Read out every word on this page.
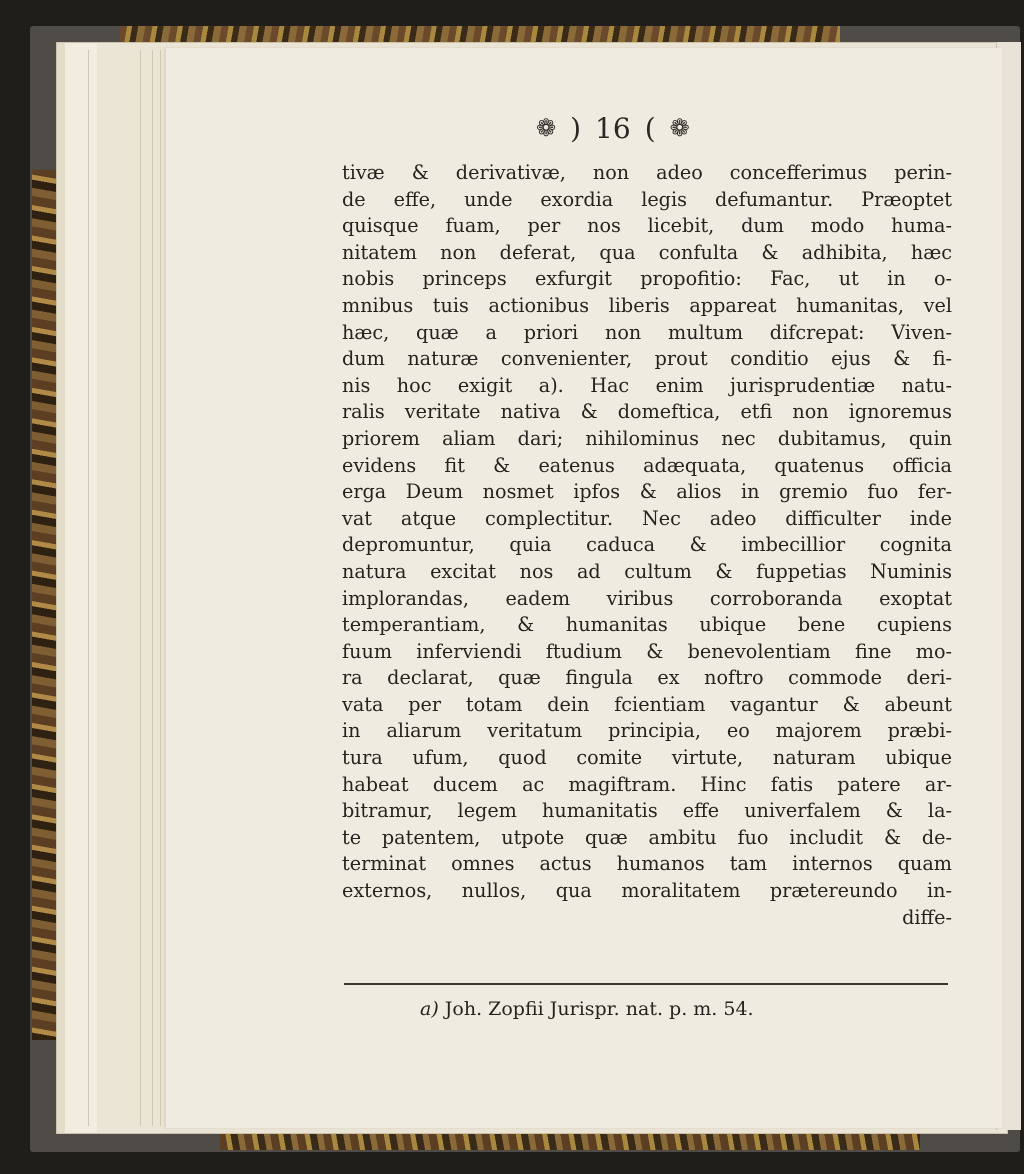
❁ ) 16 ( ❁
tivæ & derivativæ, non adeo concefferimus perin-
de effe, unde exordia legis defumantur. Præoptet
quisque fuam, per nos licebit, dum modo huma-
nitatem non deferat, qua confulta & adhibita, hæc
nobis princeps exfurgit propofitio: Fac, ut in o-
mnibus tuis actionibus liberis appareat humanitas, vel
hæc, quæ a priori non multum difcrepat: Viven-
dum naturæ convenienter, prout conditio ejus & fi-
nis hoc exigit a). Hac enim jurisprudentiæ natu-
ralis veritate nativa & domeftica, etfi non ignoremus
priorem aliam dari; nihilominus nec dubitamus, quin
evidens fit & eatenus adæquata, quatenus officia
erga Deum nosmet ipfos & alios in gremio fuo fer-
vat atque complectitur. Nec adeo difficulter inde
depromuntur, quia caduca & imbecillior cognita
natura excitat nos ad cultum & fuppetias Numinis
implorandas, eadem viribus corroboranda exoptat
temperantiam, & humanitas ubique bene cupiens
fuum inferviendi ftudium & benevolentiam fine mo-
ra declarat, quæ fingula ex noftro commode deri-
vata per totam dein fcientiam vagantur & abeunt
in aliarum veritatum principia, eo majorem præbi-
tura ufum, quod comite virtute, naturam ubique
habeat ducem ac magiftram. Hinc fatis patere ar-
bitramur, legem humanitatis effe univerfalem & la-
te patentem, utpote quæ ambitu fuo includit & de-
terminat omnes actus humanos tam internos quam
externos, nullos, qua moralitatem prætereundo in-
diffe-
a) Joh. Zopfii Jurispr. nat. p. m. 54.
